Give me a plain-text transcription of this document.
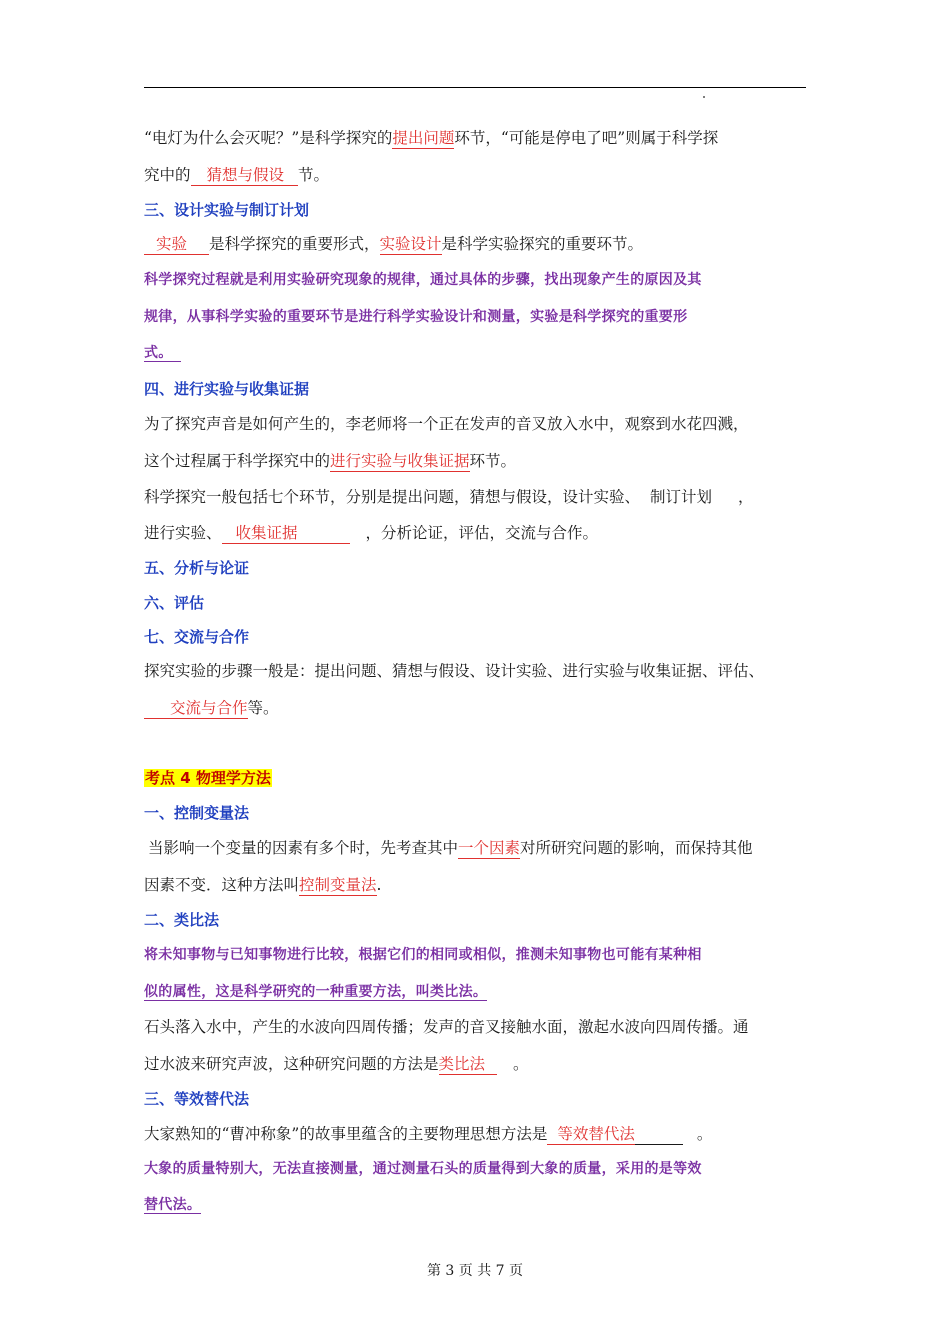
“电灯为什么会灭呢？”是科学探究的提出问题环节，“可能是停电了吧”则属于科学探
究中的 猜想与假设 节。
三、设计实验与制订计划
实验 是科学探究的重要形式，实验设计是科学实验探究的重要环节。
科学探究过程就是利用实验研究现象的规律，通过具体的步骤，找出现象产生的原因及其
规律，从事科学实验的重要环节是进行科学实验设计和测量，实验是科学探究的重要形
式。
四、进行实验与收集证据
为了探究声音是如何产生的，李老师将一个正在发声的音叉放入水中，观察到水花四溅，
这个过程属于科学探究中的进行实验与收集证据环节。
科学探究一般包括七个环节，分别是提出问题，猜想与假设，设计实验、 制订计划 ，
进行实验、 收集证据	，分析论证，评估，交流与合作。
五、分析与论证
六、评估
七、交流与合作
探究实验的步骤一般是：提出问题、猜想与假设、设计实验、进行实验与收集证据、评估、
交流与合作等。
考点 4 物理学方法
一、控制变量法
当影响一个变量的因素有多个时，先考查其中一个因素对所研究问题的影响，而保持其他
因素不变．这种方法叫控制变量法.
二、类比法
将未知事物与已知事物进行比较，根据它们的相同或相似，推测未知事物也可能有某种相
似的属性，这是科学研究的一种重要方法，叫类比法。
石头落入水中，产生的水波向四周传播；发声的音叉接触水面，激起水波向四周传播。通
过水波来研究声波，这种研究问题的方法是类比法 。
三、等效替代法
大家熟知的“曹冲称象”的故事里蕴含的主要物理思想方法是 等效替代法	。
大象的质量特别大，无法直接测量，通过测量石头的质量得到大象的质量，采用的是等效
替代法。
第 3 页 共 7 页
